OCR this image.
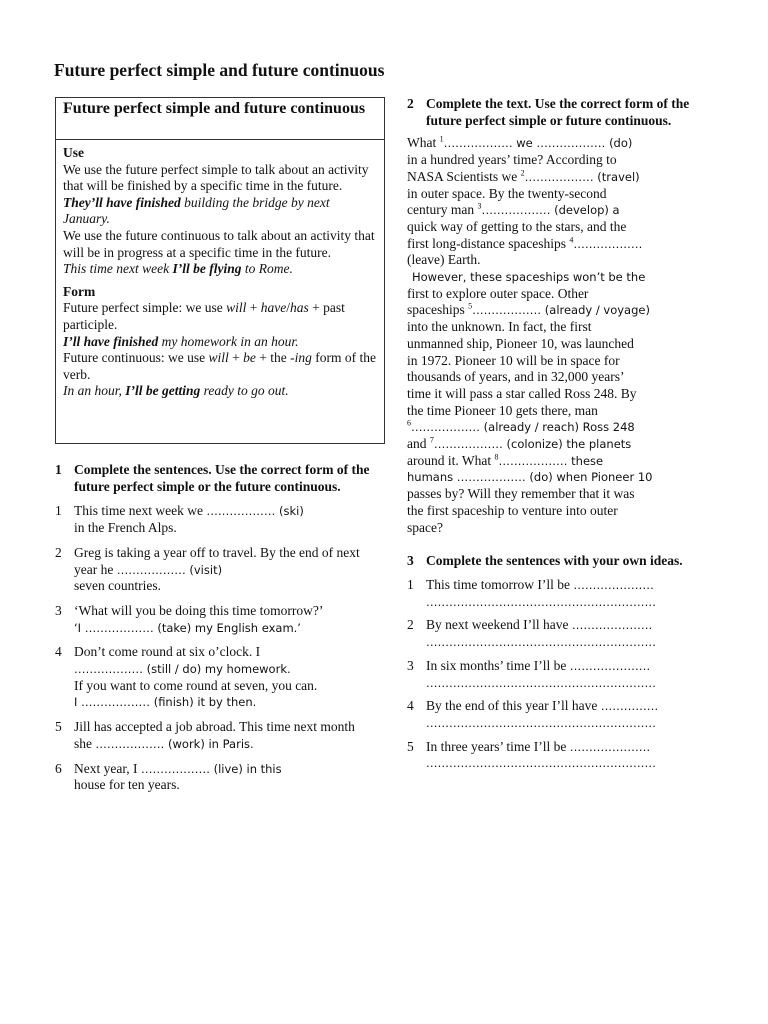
Future perfect simple and future continuous
Future perfect simple and future continuous
Use
We use the future perfect simple to talk about an activity that will be finished by a specific time in the future.
They’ll have finished building the bridge by next January.
We use the future continuous to talk about an activity that will be in progress at a specific time in the future.
This time next week I’ll be flying to Rome.
Form
Future perfect simple: we use will + have/has + past participle.
I’ll have finished my homework in an hour.
Future continuous: we use will + be + the -ing form of the verb.
In an hour, I’ll be getting ready to go out.
1 Complete the sentences. Use the correct form of the future perfect simple or the future continuous.
1 This time next week we ……………… (ski)
in the French Alps.
2 Greg is taking a year off to travel. By the end of next year he ……………… (visit)
seven countries.
3 ‘What will you be doing this time tomorrow?’
‘I ……………… (take) my English exam.’
4 Don’t come round at six o’clock. I
……………… (still / do) my homework.
If you want to come round at seven, you can.
I ……………… (finish) it by then.
5 Jill has accepted a job abroad. This time next month she ……………… (work) in Paris.
6 Next year, I ……………… (live) in this
house for ten years.
2 Complete the text. Use the correct form of the future perfect simple or future continuous.
What $^1$……………… we ……………… (do)
in a hundred years’ time? According to
NASA Scientists we $^2$……………… (travel)
in outer space. By the twenty-second
century man $^3$……………… (develop) a
quick way of getting to the stars, and the
first long-distance spaceships $^4$………………
(leave) Earth.
However, these spaceships won’t be the
first to explore outer space. Other
spaceships $^5$……………… (already / voyage)
into the unknown. In fact, the first
unmanned ship, Pioneer 10, was launched
in 1972. Pioneer 10 will be in space for
thousands of years, and in 32,000 years’
time it will pass a star called Ross 248. By
the time Pioneer 10 gets there, man
$^6$……………… (already / reach) Ross 248
and $^7$……………… (colonize) the planets
around it. What $^8$……………… these
humans ……………… (do) when Pioneer 10
passes by? Will they remember that it was
the first spaceship to venture into outer
space?
3 Complete the sentences with your own ideas.
1 This time tomorrow I’ll be …………………
……………………………………………………
2 By next weekend I’ll have …………………
……………………………………………………
3 In six months’ time I’ll be …………………
……………………………………………………
4 By the end of this year I’ll have ……………
……………………………………………………
5 In three years’ time I’ll be …………………
……………………………………………………
